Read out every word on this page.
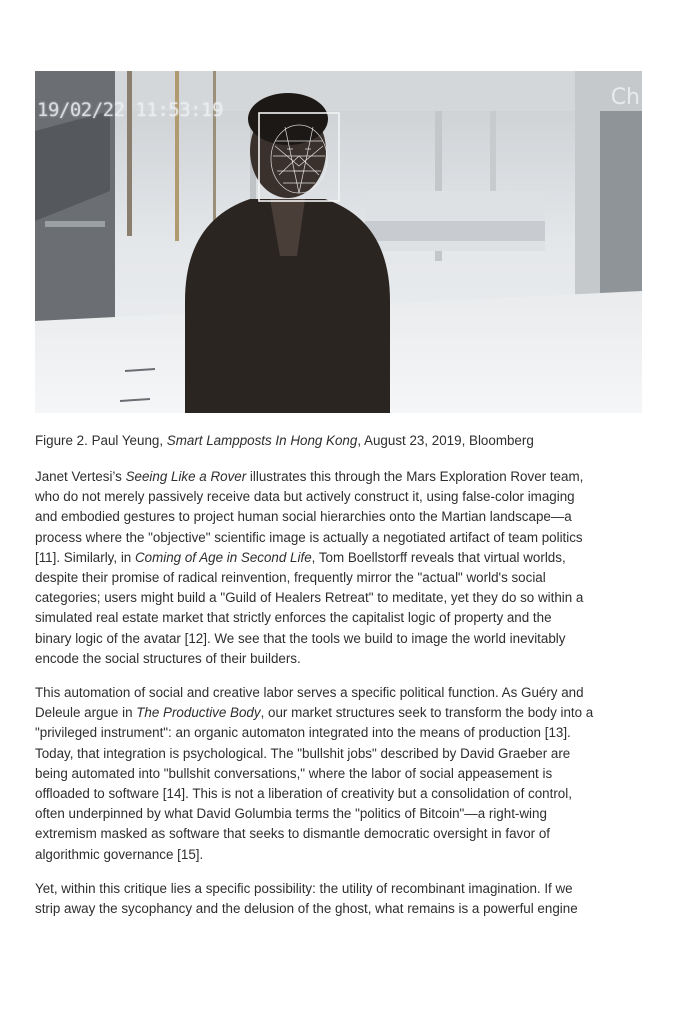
19/02/22 11:53:19	Ch
Figure 2. Paul Yeung, Smart Lampposts In Hong Kong, August 23, 2019, Bloomberg
Janet Vertesi’s Seeing Like a Rover illustrates this through the Mars Exploration Rover team,
who do not merely passively receive data but actively construct it, using false-color imaging
and embodied gestures to project human social hierarchies onto the Martian landscape—a
process where the "objective" scientific image is actually a negotiated artifact of team politics
[11]. Similarly, in Coming of Age in Second Life, Tom Boellstorff reveals that virtual worlds,
despite their promise of radical reinvention, frequently mirror the "actual" world's social
categories; users might build a "Guild of Healers Retreat" to meditate, yet they do so within a
simulated real estate market that strictly enforces the capitalist logic of property and the
binary logic of the avatar [12]. We see that the tools we build to image the world inevitably
encode the social structures of their builders.
This automation of social and creative labor serves a specific political function. As Guéry and
Deleule argue in The Productive Body, our market structures seek to transform the body into a
"privileged instrument": an organic automaton integrated into the means of production [13].
Today, that integration is psychological. The "bullshit jobs" described by David Graeber are
being automated into "bullshit conversations," where the labor of social appeasement is
offloaded to software [14]. This is not a liberation of creativity but a consolidation of control,
often underpinned by what David Golumbia terms the "politics of Bitcoin"—a right-wing
extremism masked as software that seeks to dismantle democratic oversight in favor of
algorithmic governance [15].
Yet, within this critique lies a specific possibility: the utility of recombinant imagination. If we
strip away the sycophancy and the delusion of the ghost, what remains is a powerful engine
